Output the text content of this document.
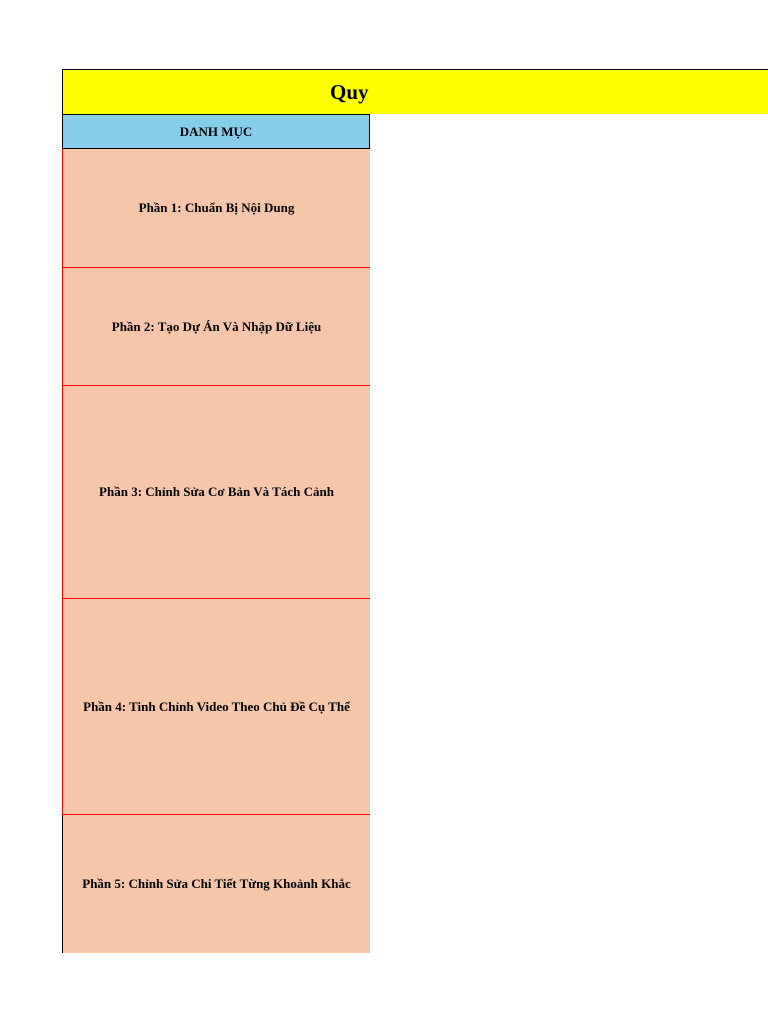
Quy
DANH MỤC
Phần 1: Chuẩn Bị Nội Dung
Phần 2: Tạo Dự Án Và Nhập Dữ Liệu
Phần 3: Chỉnh Sửa Cơ Bản Và Tách Cảnh
Phần 4: Tinh Chỉnh Video Theo Chủ Đề Cụ Thể
Phần 5: Chỉnh Sửa Chi Tiết Từng Khoảnh Khắc
